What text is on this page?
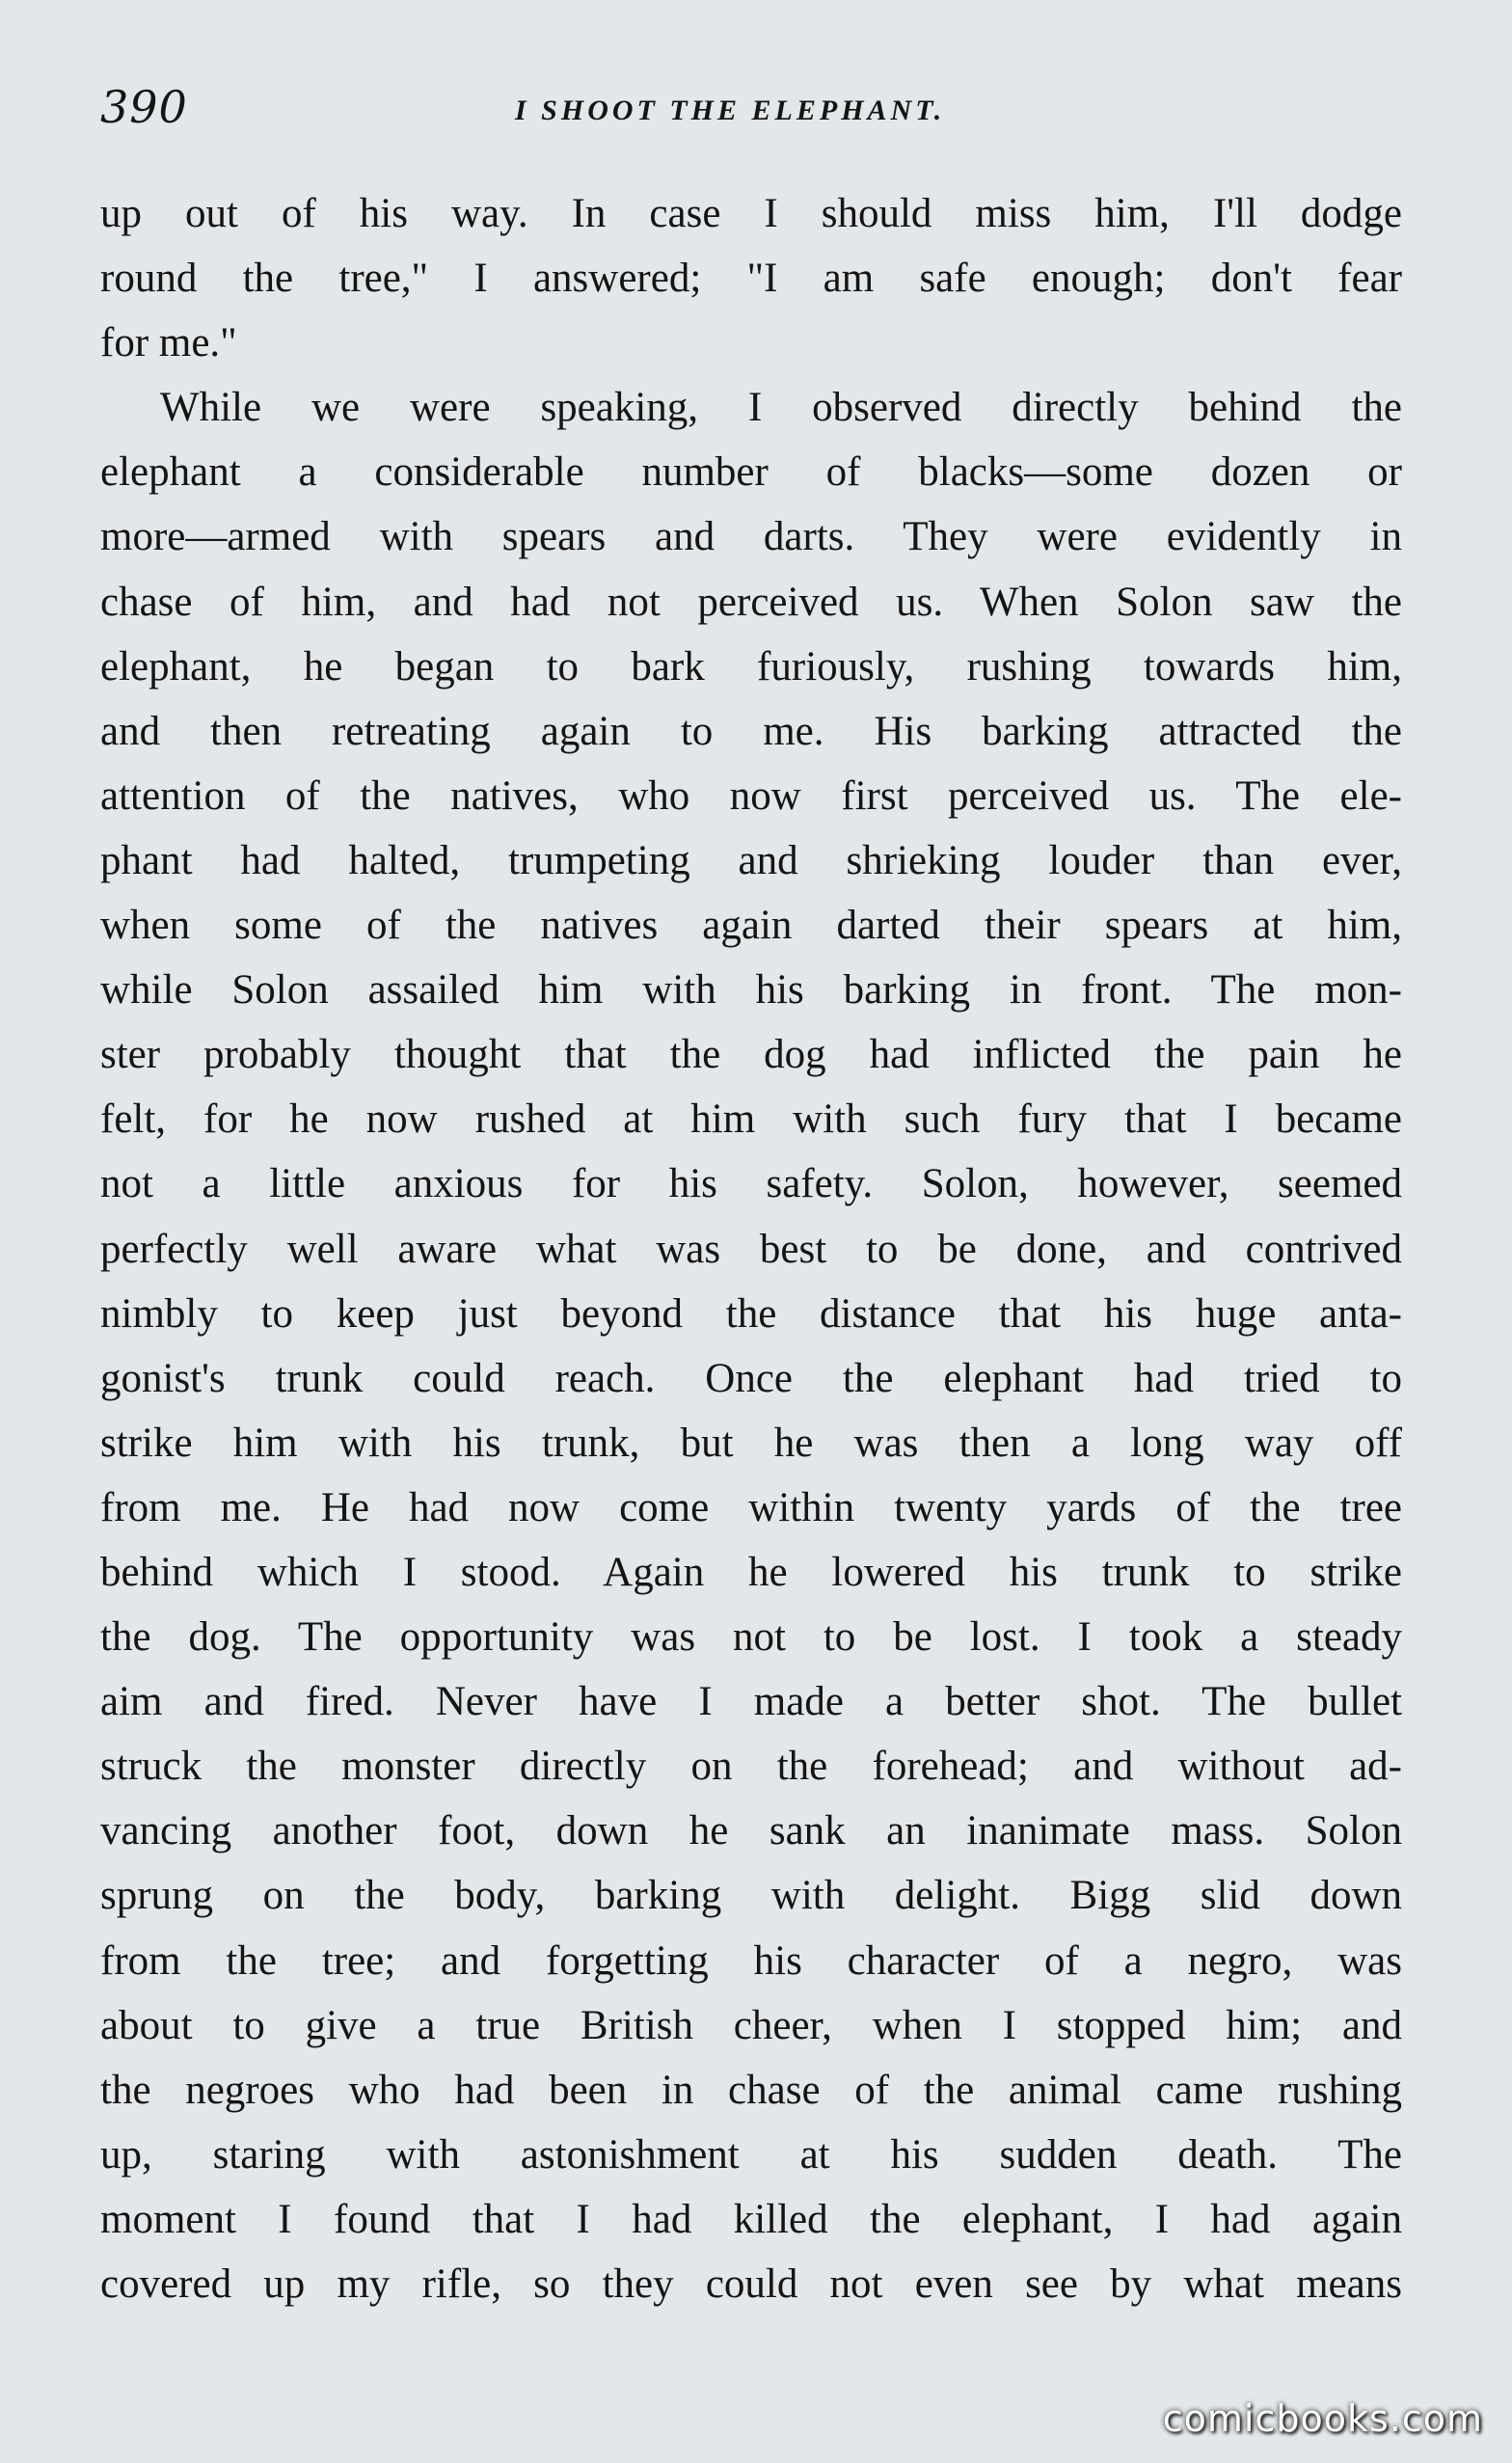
390	I SHOOT THE ELEPHANT.
up out of his way. In case I should miss him, I'll dodge
round the tree," I answered; "I am safe enough; don't fear
for me."
While we were speaking, I observed directly behind the
elephant a considerable number of blacks—some dozen or
more—armed with spears and darts. They were evidently in
chase of him, and had not perceived us. When Solon saw the
elephant, he began to bark furiously, rushing towards him,
and then retreating again to me. His barking attracted the
attention of the natives, who now first perceived us. The ele-
phant had halted, trumpeting and shrieking louder than ever,
when some of the natives again darted their spears at him,
while Solon assailed him with his barking in front. The mon-
ster probably thought that the dog had inflicted the pain he
felt, for he now rushed at him with such fury that I became
not a little anxious for his safety. Solon, however, seemed
perfectly well aware what was best to be done, and contrived
nimbly to keep just beyond the distance that his huge anta-
gonist's trunk could reach. Once the elephant had tried to
strike him with his trunk, but he was then a long way off
from me. He had now come within twenty yards of the tree
behind which I stood. Again he lowered his trunk to strike
the dog. The opportunity was not to be lost. I took a steady
aim and fired. Never have I made a better shot. The bullet
struck the monster directly on the forehead; and without ad-
vancing another foot, down he sank an inanimate mass. Solon
sprung on the body, barking with delight. Bigg slid down
from the tree; and forgetting his character of a negro, was
about to give a true British cheer, when I stopped him; and
the negroes who had been in chase of the animal came rushing
up, staring with astonishment at his sudden death. The
moment I found that I had killed the elephant, I had again
covered up my rifle, so they could not even see by what means
comicbooks.com
